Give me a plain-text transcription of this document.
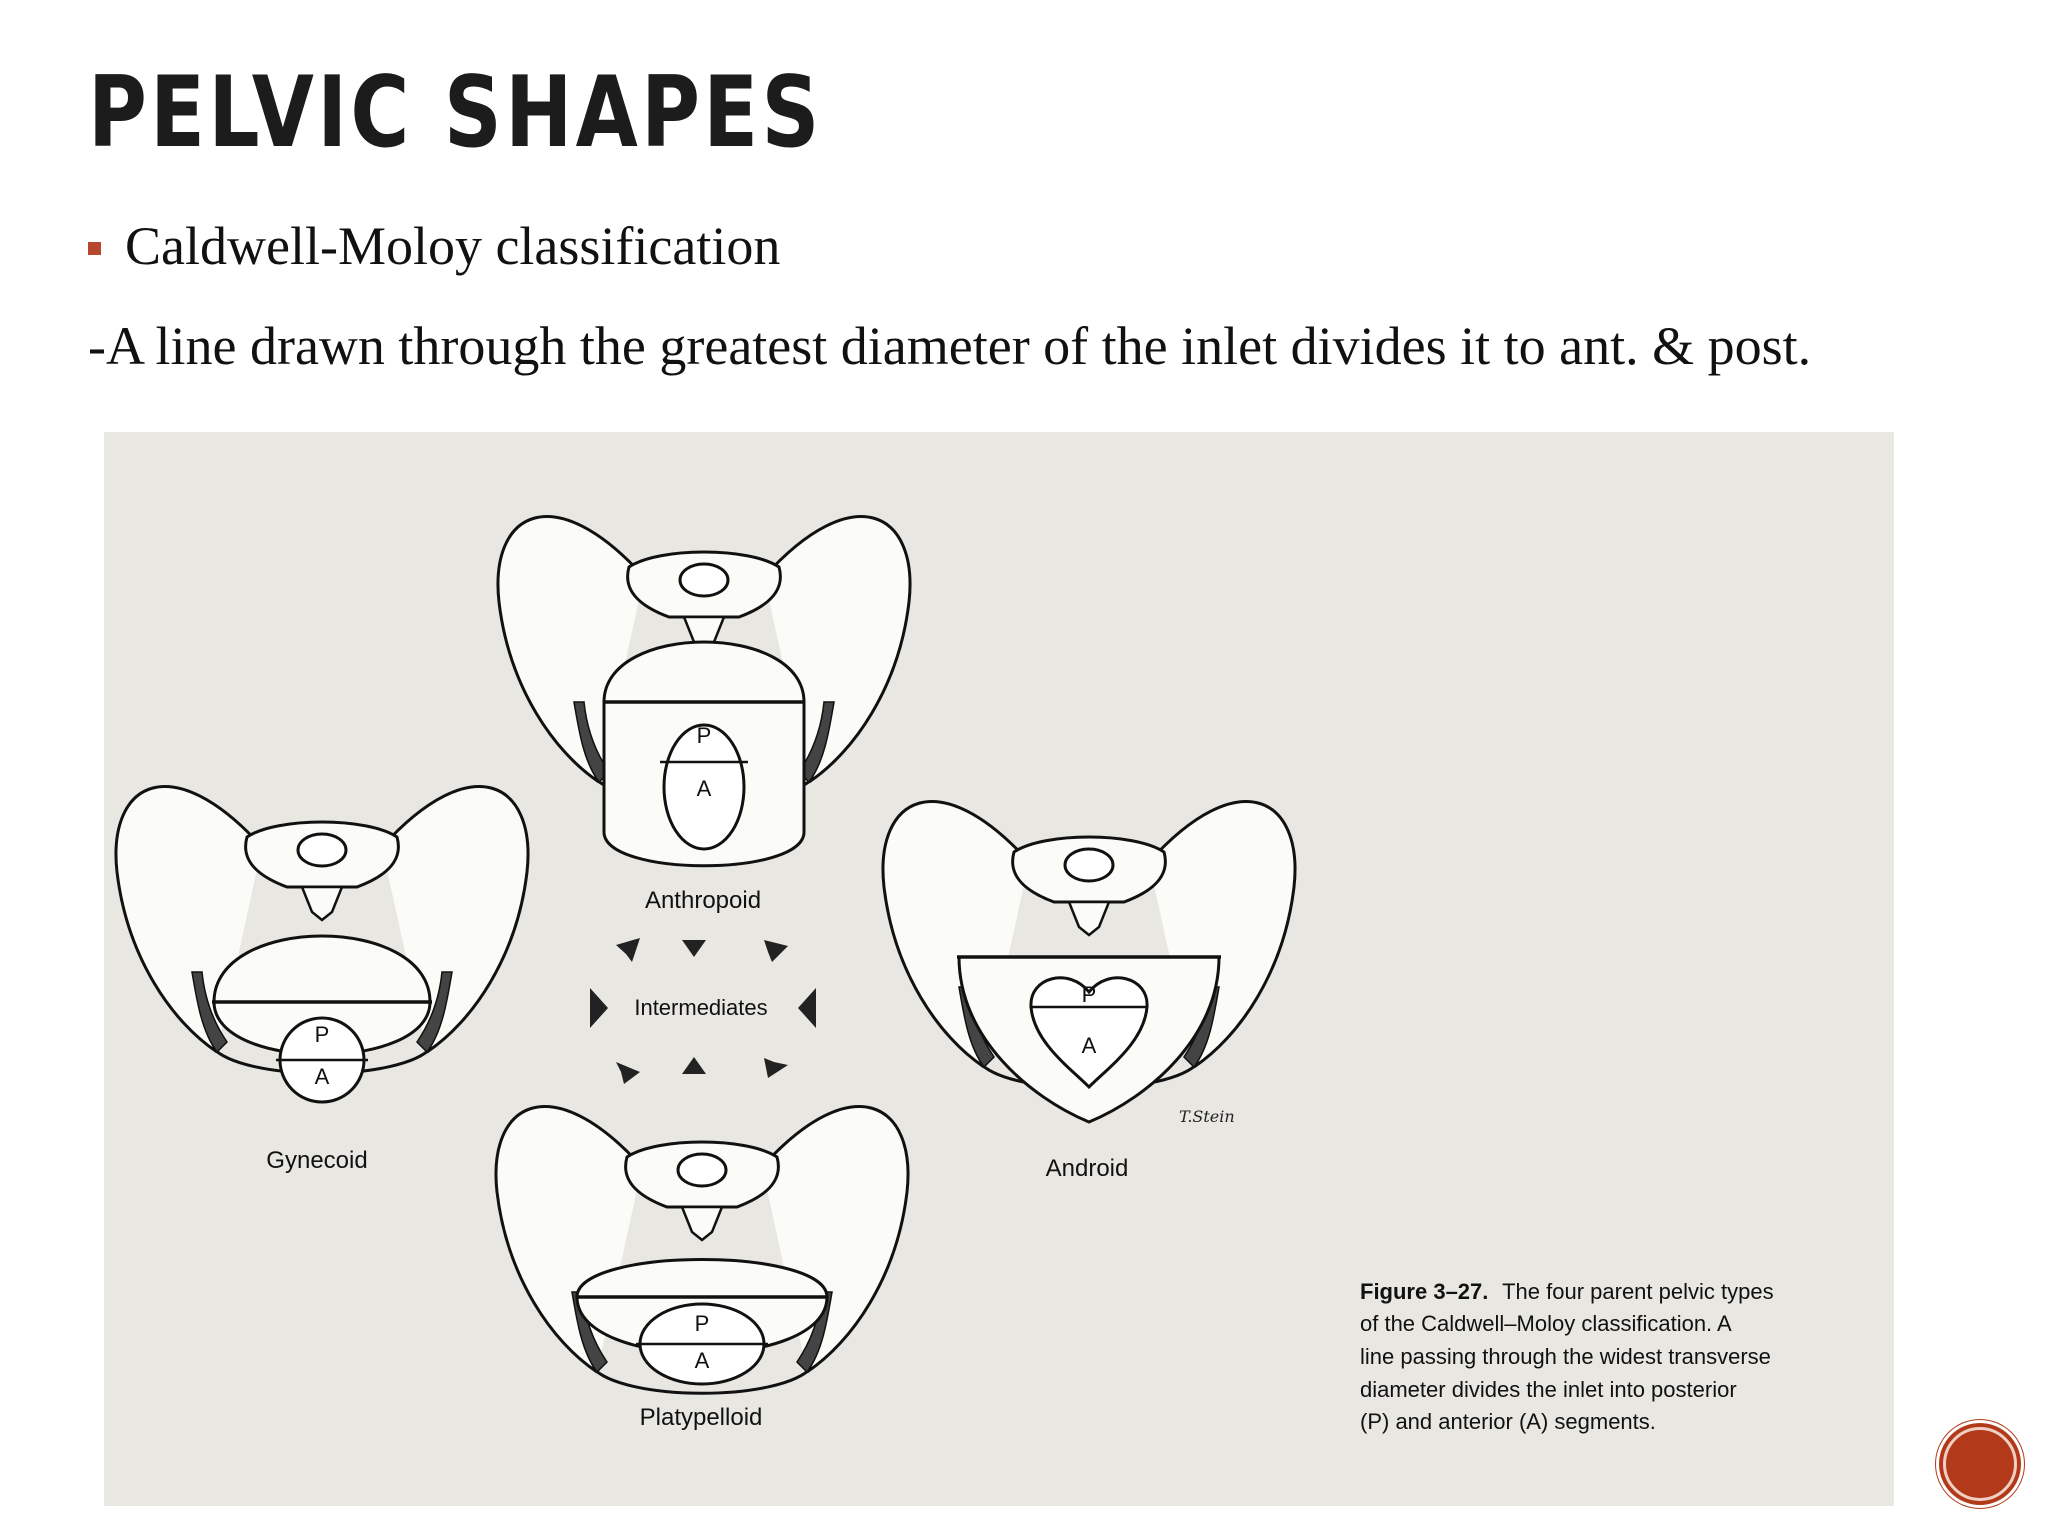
PELVIC SHAPES
Caldwell-Moloy classification
-A line drawn through the greatest diameter of the inlet divides it to ant. & post.
P
A
Gynecoid
P
A
Anthropoid
P
A
Android
T.Stein
P
A
Platypelloid
Intermediates
Figure 3–27. The four parent pelvic types
of the Caldwell–Moloy classification. A
line passing through the widest transverse
diameter divides the inlet into posterior
(P) and anterior (A) segments.
